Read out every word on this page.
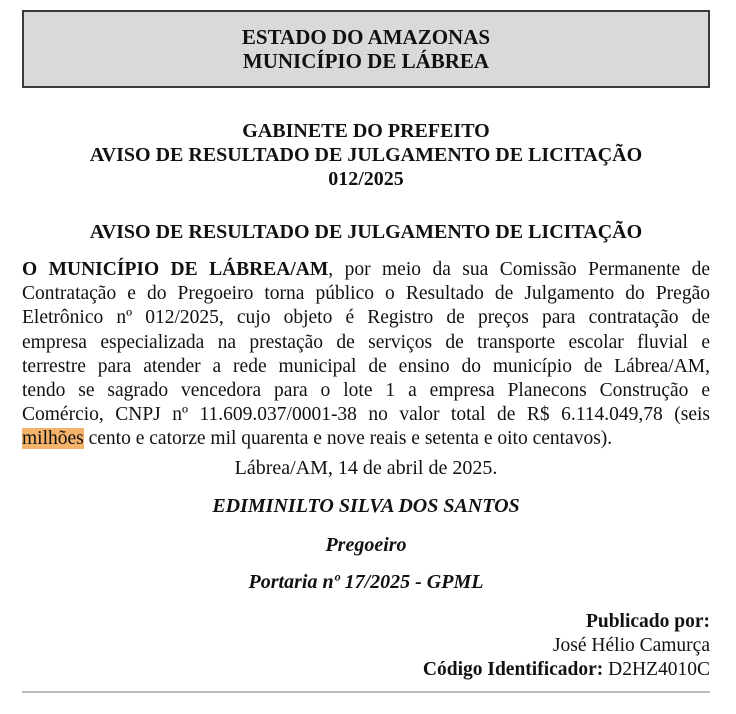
ESTADO DO AMAZONAS
MUNICÍPIO DE LÁBREA
GABINETE DO PREFEITO
AVISO DE RESULTADO DE JULGAMENTO DE LICITAÇÃO
012/2025
AVISO DE RESULTADO DE JULGAMENTO DE LICITAÇÃO
O MUNICÍPIO DE LÁBREA/AM, por meio da sua Comissão Permanente de
Contratação e do Pregoeiro torna público o Resultado de Julgamento do Pregão
Eletrônico nº 012/2025, cujo objeto é Registro de preços para contratação de
empresa especializada na prestação de serviços de transporte escolar fluvial e
terrestre para atender a rede municipal de ensino do município de Lábrea/AM,
tendo se sagrado vencedora para o lote 1 a empresa Planecons Construção e
Comércio, CNPJ nº 11.609.037/0001-38 no valor total de R$ 6.114.049,78 (seis
milhões cento e catorze mil quarenta e nove reais e setenta e oito centavos).
Lábrea/AM, 14 de abril de 2025.
EDIMINILTO SILVA DOS SANTOS
Pregoeiro
Portaria nº 17/2025 - GPML
Publicado por:
José Hélio Camurça
Código Identificador: D2HZ4010C
